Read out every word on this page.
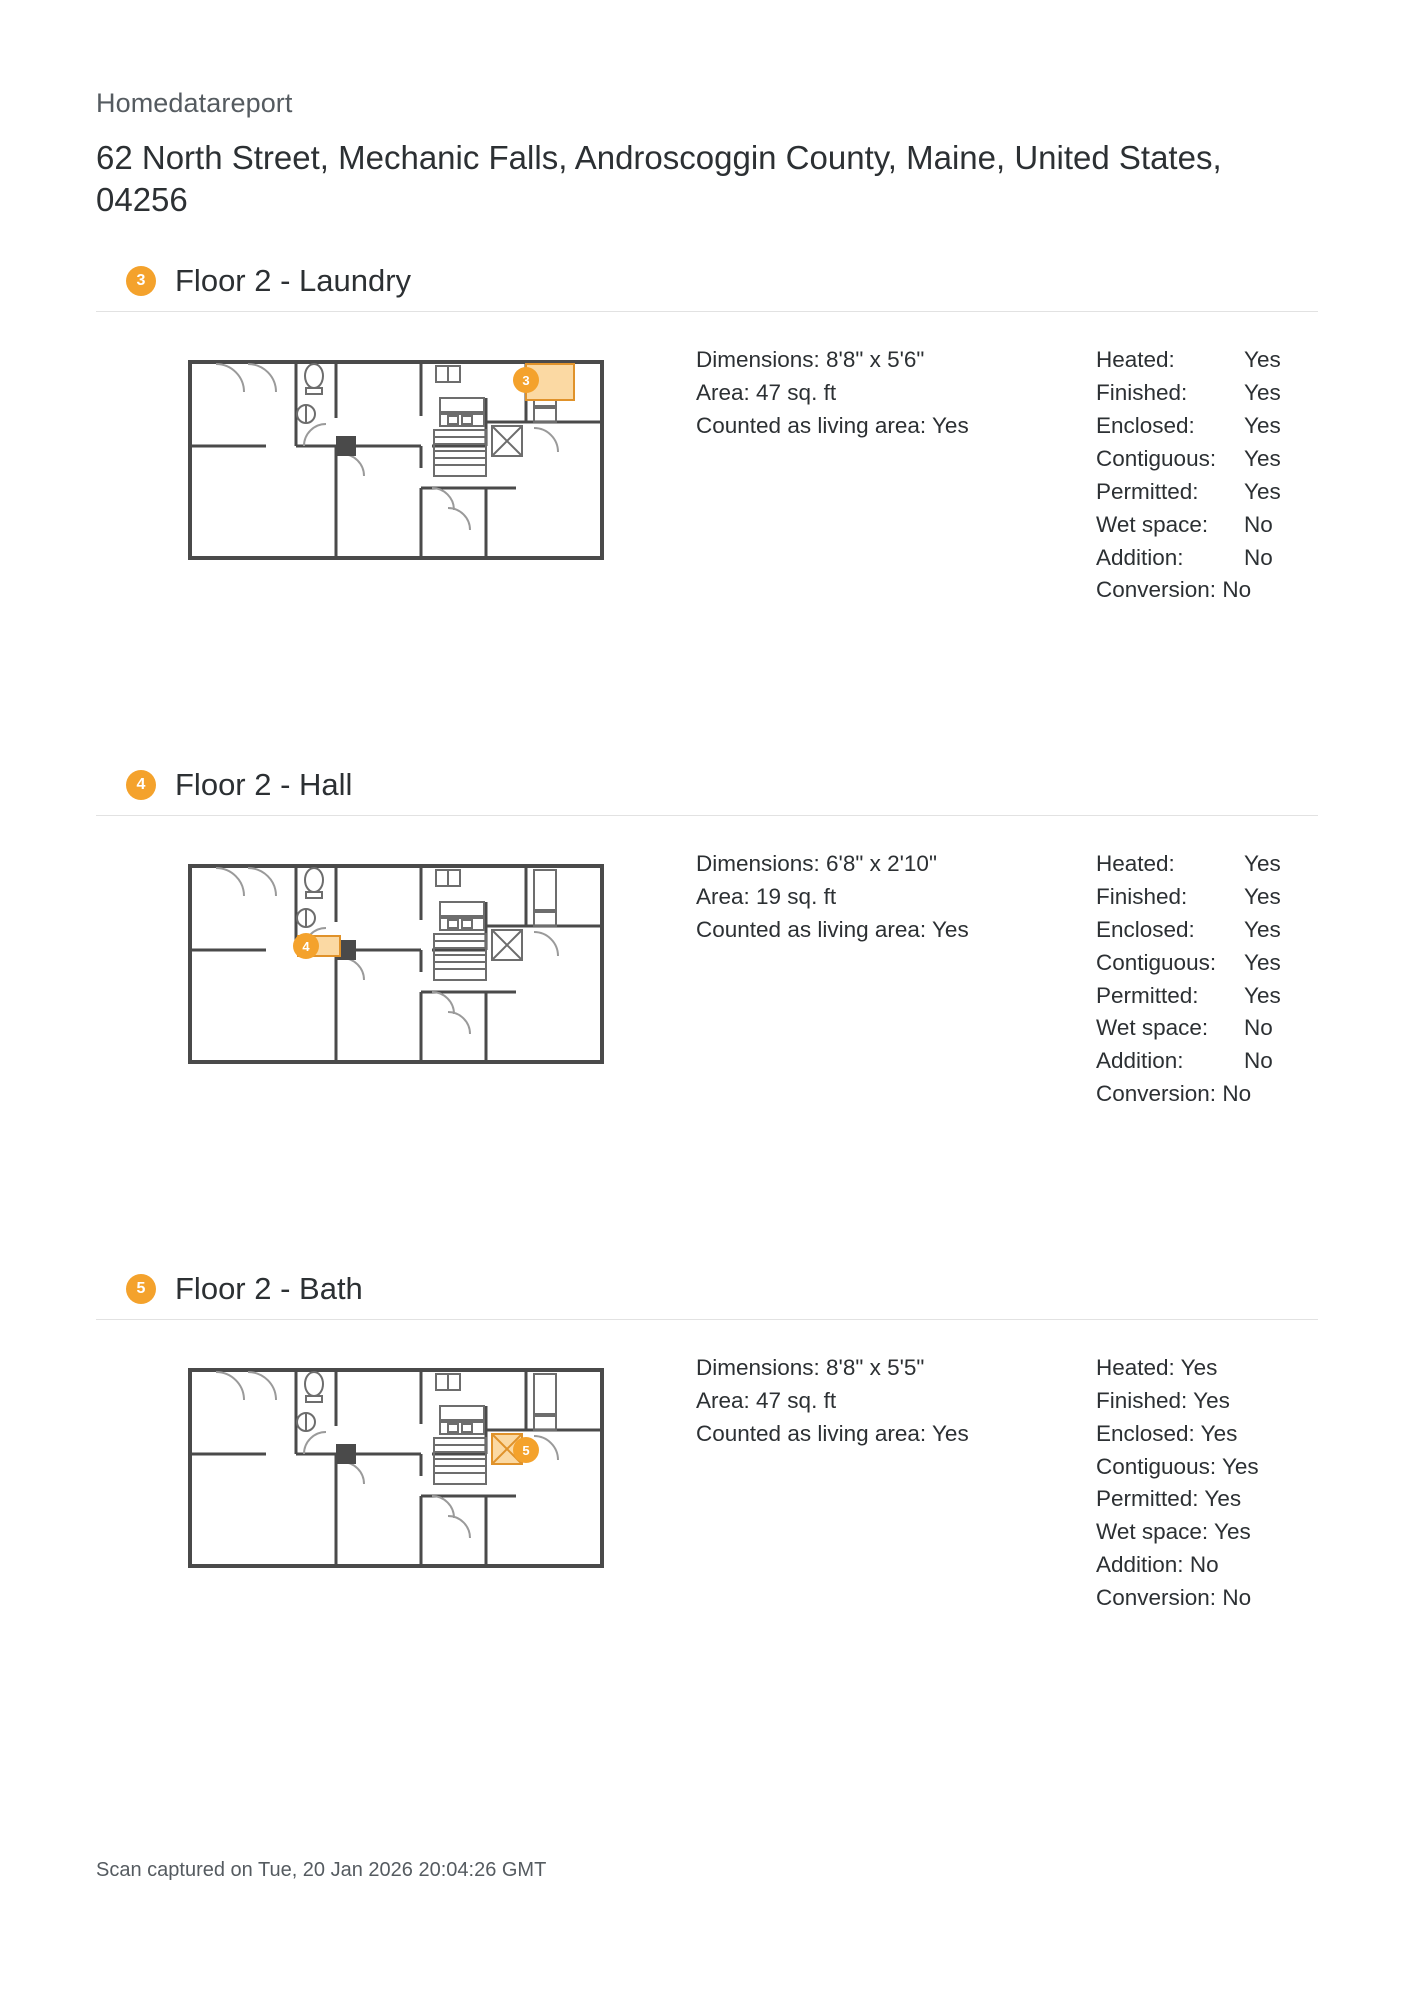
Homedatareport
62 North Street, Mechanic Falls, Androscoggin County, Maine, United States, 04256
3 Floor 2 - Laundry
3
Dimensions: 8'8" x 5'6"
Area: 47 sq. ft
Counted as living area: Yes
Heated:	Yes
Finished:	Yes
Enclosed:	Yes
Contiguous:	Yes
Permitted:	Yes
Wet space:	No
Addition:	No
Conversion: No
4 Floor 2 - Hall
4
Dimensions: 6'8" x 2'10"
Area: 19 sq. ft
Counted as living area: Yes
Heated:	Yes
Finished:	Yes
Enclosed:	Yes
Contiguous:	Yes
Permitted:	Yes
Wet space:	No
Addition:	No
Conversion: No
5 Floor 2 - Bath
5
Dimensions: 8'8" x 5'5"
Area: 47 sq. ft
Counted as living area: Yes
Heated: Yes
Finished: Yes
Enclosed: Yes
Contiguous: Yes
Permitted: Yes
Wet space: Yes
Addition: No
Conversion: No
Scan captured on Tue, 20 Jan 2026 20:04:26 GMT
